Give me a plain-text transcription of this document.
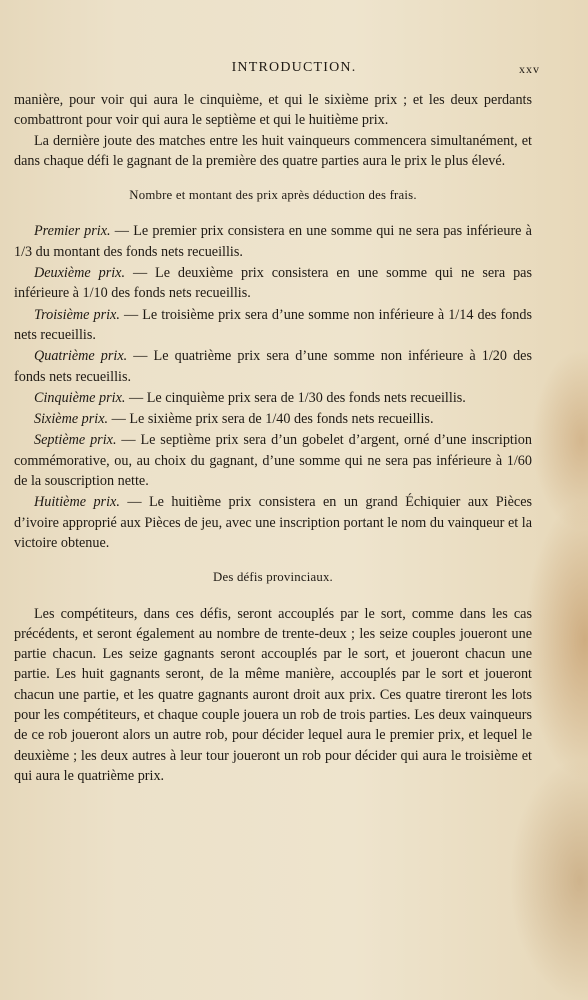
INTRODUCTION.	xxv

manière, pour voir qui aura le cinquième, et qui le sixième prix ; et les deux perdants combattront pour voir qui aura le septième et qui le huitième prix.

La dernière joute des matches entre les huit vainqueurs commencera simultanément, et dans chaque défi le gagnant de la première des quatre parties aura le prix le plus élevé.

Nombre et montant des prix après déduction des frais.

Premier prix. — Le premier prix consistera en une somme qui ne sera pas inférieure à 1/3 du montant des fonds nets recueillis.

Deuxième prix. — Le deuxième prix consistera en une somme qui ne sera pas inférieure à 1/10 des fonds nets recueillis.

Troisième prix. — Le troisième prix sera d’une somme non inférieure à 1/14 des fonds nets recueillis.

Quatrième prix. — Le quatrième prix sera d’une somme non inférieure à 1/20 des fonds nets recueillis.

Cinquième prix. — Le cinquième prix sera de 1/30 des fonds nets recueillis.

Sixième prix. — Le sixième prix sera de 1/40 des fonds nets recueillis.

Septième prix. — Le septième prix sera d’un gobelet d’argent, orné d’une inscription commémorative, ou, au choix du gagnant, d’une somme qui ne sera pas inférieure à 1/60 de la souscription nette.

Huitième prix. — Le huitième prix consistera en un grand Échiquier aux Pièces d’ivoire approprié aux Pièces de jeu, avec une inscription portant le nom du vainqueur et la victoire obtenue.

Des défis provinciaux.

Les compétiteurs, dans ces défis, seront accouplés par le sort, comme dans les cas précédents, et seront également au nombre de trente-deux ; les seize couples joueront une partie chacun. Les seize gagnants seront accouplés par le sort, et joueront chacun une partie. Les huit gagnants seront, de la même manière, accouplés par le sort et joueront chacun une partie, et les quatre gagnants auront droit aux prix. Ces quatre tireront les lots pour les compétiteurs, et chaque couple jouera un rob de trois parties. Les deux vainqueurs de ce rob joueront alors un autre rob, pour décider lequel aura le premier prix, et lequel le deuxième ; les deux autres à leur tour joueront un rob pour décider qui aura le troisième et qui aura le quatrième prix.
